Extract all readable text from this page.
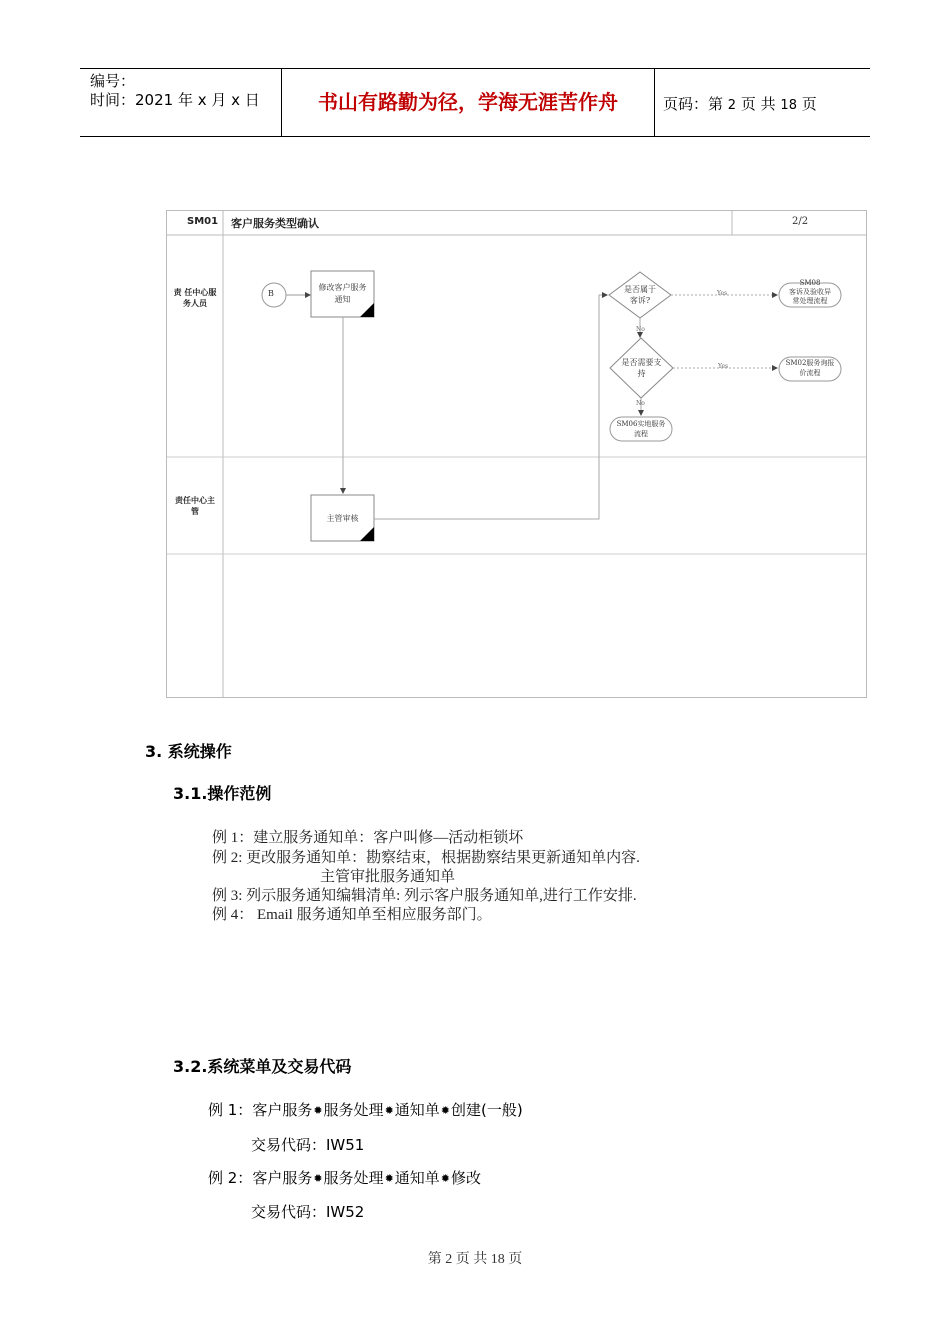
编号：
时间：2021 年 x 月 x 日	书山有路勤为径，学海无涯苦作舟	页码：第 2 页 共 18 页
SM01 客户服务类型确认	2/2
责 任中心服
务人员
责任中心主
管
B
修改客户服务
通知
主管审核
是否属于
客诉?
是否需要支
持
Yes
Yes
No
No
SM08
客诉及验收异
常处理流程
SM02服务询报
价流程
SM06实地服务
流程
3. 系统操作
3.1.操作范例
例 1：建立服务通知单：客户叫修—活动柜锁坏
例 2: 更改服务通知单：勘察结束，根据勘察结果更新通知单内容.
主管审批服务通知单
例 3: 列示服务通知编辑清单: 列示客户服务通知单,进行工作安排.
例 4： Email 服务通知单至相应服务部门。
3.2.系统菜单及交易代码
例 1：客户服务✹服务处理✹通知单✹创建(一般)
交易代码：IW51
例 2：客户服务✹服务处理✹通知单✹修改
交易代码：IW52
第 2 页 共 18 页
